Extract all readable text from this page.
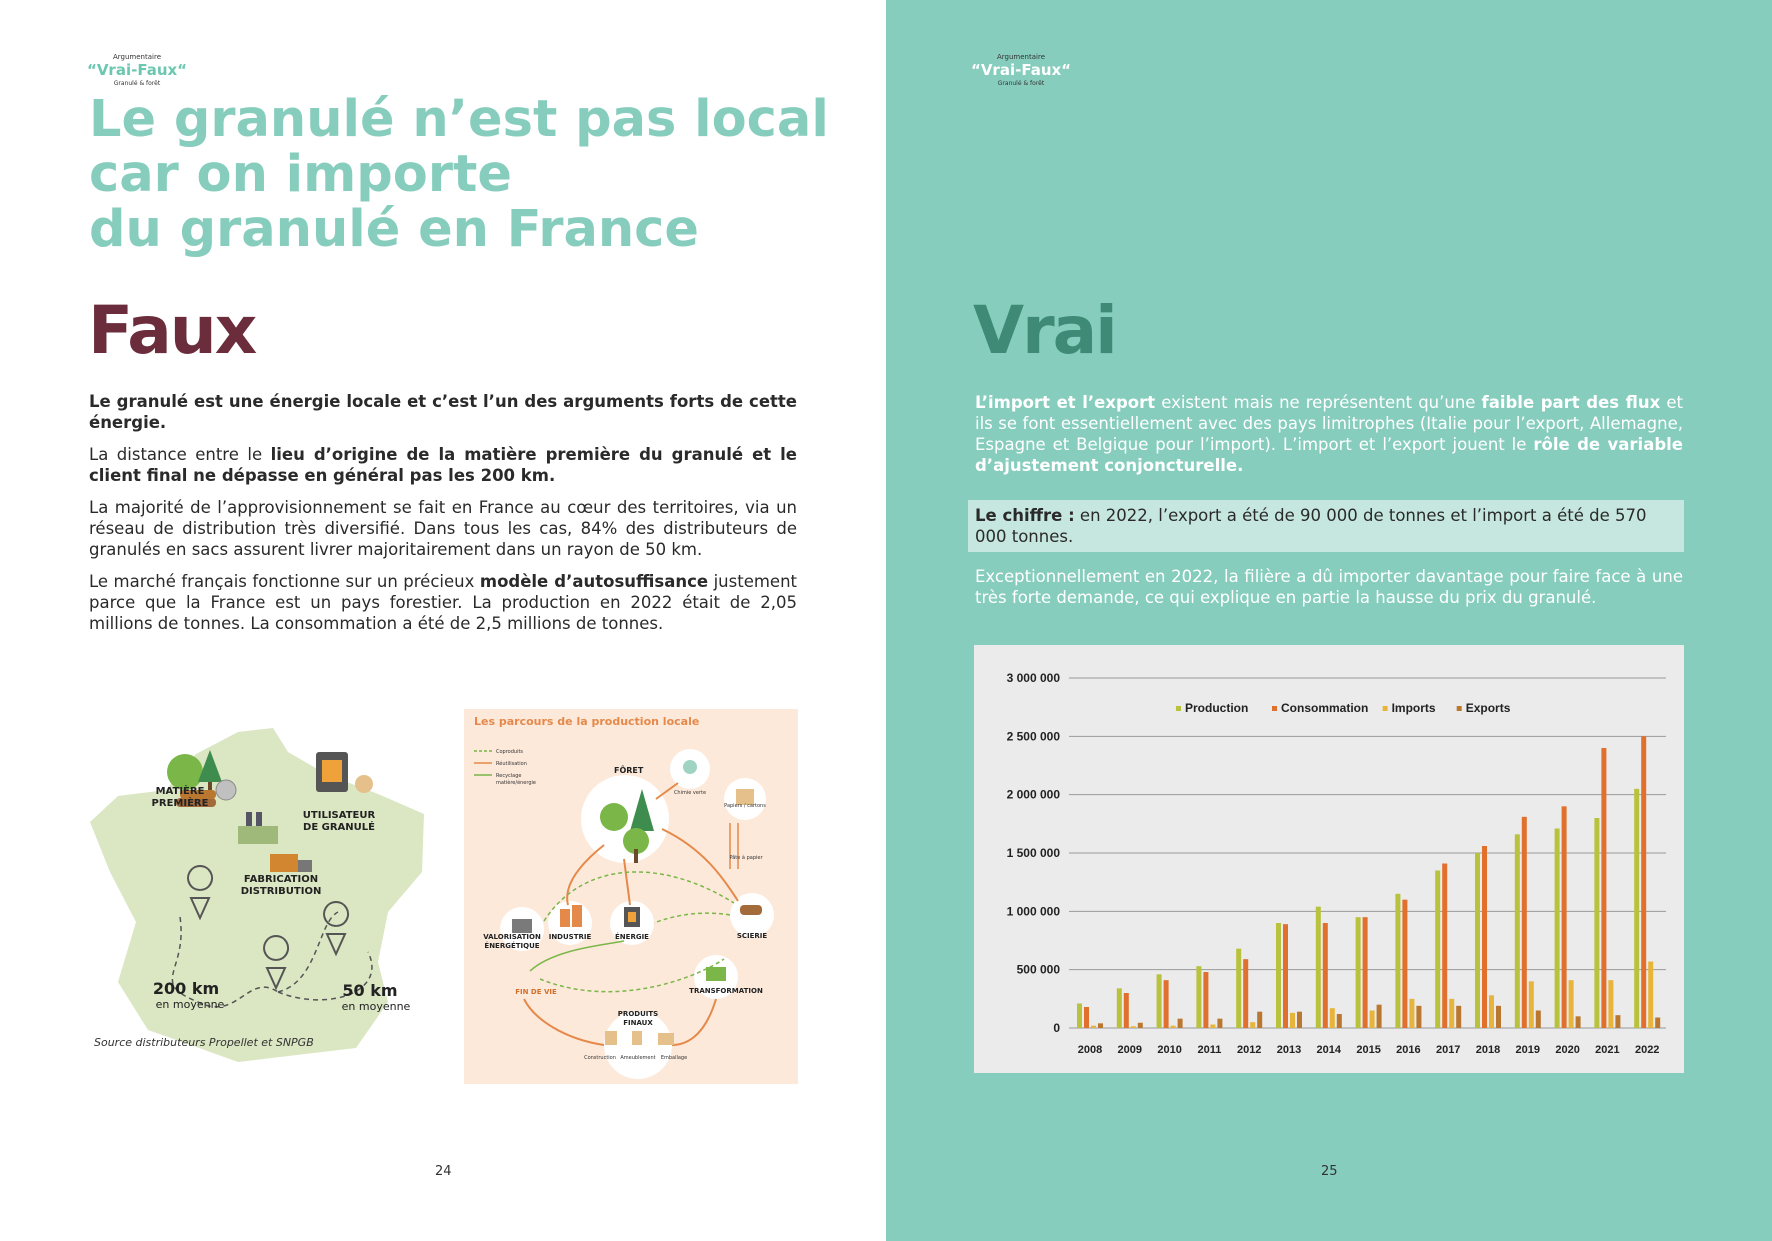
Argumentaire
“Vrai-Faux“
Granulé & forêt
Le granulé n’est pas local
car on importe
du granulé en France
Faux

Le granulé est une énergie locale et c’est l’un des arguments forts de cette énergie.

La distance entre le lieu d’origine de la matière première du granulé et le client final ne dépasse en général pas les 200 km.

La majorité de l’approvisionnement se fait en France au cœur des territoires, via un réseau de distribution très diversifié. Dans tous les cas, 84% des distributeurs de granulés en sacs assurent livrer majoritairement dans un rayon de 50 km.

Le marché français fonctionne sur un précieux modèle d’autosuffisance justement parce que la France est un pays forestier. La production en 2022 était de 2,05 millions de tonnes. La consommation a été de 2,5 millions de tonnes.

MATIÈRE
PREMIÈRE
UTILISATEUR
DE GRANULÉ
FABRICATION
DISTRIBUTION
200 km
en moyenne
50 km
en moyenne
Source distributeurs Propellet et SNPGB
Les parcours de la production locale
Coproduits
Réutilisation
Recyclage
matière/énergie
FÔRET
Chimie verte
Papiers / cartons
Pâte à papier
VALORISATION
ÉNERGÉTIQUE
INDUSTRIE	ÉNERGIE	SCIERIE
FIN DE VIE	TRANSFORMATION
PRODUITS
FINAUX
Construction Ameublement Emballage
24
Argumentaire
“Vrai-Faux“
Granulé & forêt
Vrai

L’import et l’export existent mais ne représentent qu’une faible part des flux et ils se font essentiellement avec des pays limitrophes (Italie pour l’export, Allemagne, Espagne et Belgique pour l’import). L’import et l’export jouent le rôle de variable d’ajustement conjoncturelle.

Le chiffre : en 2022, l’export a été de 90 000 de tonnes et l’import a été de 570 000 tonnes.

Exceptionnellement en 2022, la filière a dû importer davantage pour faire face à une très forte demande, ce qui explique en partie la hausse du prix du granulé.

3 000 000
2 500 000
2 000 000
1 500 000
1 000 000
500 000
0
2008 2009 2010 2011 2012 2013 2014 2015 2016 2017 2018 2019 2020 2021 2022
Production	Consommation Imports	Exports
25
